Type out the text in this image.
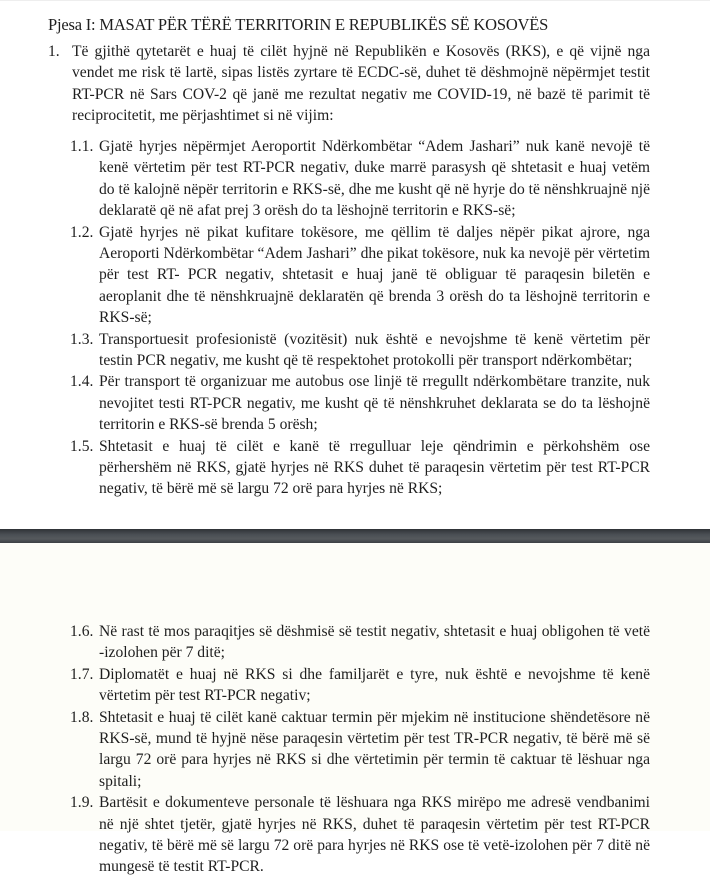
Pjesa I: MASAT PËR TËRË TERRITORIN E REPUBLIKËS SË KOSOVËS
1. Të gjithë qytetarët e huaj të cilët hyjnë në Republikën e Kosovës (RKS), e që vijnë nga vendet me risk të lartë, sipas listës zyrtare të ECDC-së, duhet të dëshmojnë nëpërmjet testit RT-PCR në Sars COV-2 që janë me rezultat negativ me COVID-19, në bazë të parimit të reciprocitetit, me përjashtimet si në vijim:
1.1. Gjatë hyrjes nëpërmjet Aeroportit Ndërkombëtar “Adem Jashari” nuk kanë nevojë të kenë vërtetim për test RT-PCR negativ, duke marrë parasysh që shtetasit e huaj vetëm do të kalojnë nëpër territorin e RKS-së, dhe me kusht që në hyrje do të nënshkruajnë një deklaratë që në afat prej 3 orësh do ta lëshojnë territorin e RKS-së;
1.2. Gjatë hyrjes në pikat kufitare tokësore, me qëllim të daljes nëpër pikat ajrore, nga Aeroporti Ndërkombëtar “Adem Jashari” dhe pikat tokësore, nuk ka nevojë për vërtetim për test RT- PCR negativ, shtetasit e huaj janë të obliguar të paraqesin biletën e aeroplanit dhe të nënshkruajnë deklaratën që brenda 3 orësh do ta lëshojnë territorin e RKS-së;
1.3. Transportuesit profesionistë (vozitësit) nuk është e nevojshme të kenë vërtetim për testin PCR negativ, me kusht që të respektohet protokolli për transport ndërkombëtar;
1.4. Për transport të organizuar me autobus ose linjë të rregullt ndërkombëtare tranzite, nuk nevojitet testi RT-PCR negativ, me kusht që të nënshkruhet deklarata se do ta lëshojnë territorin e RKS-së brenda 5 orësh;
1.5. Shtetasit e huaj të cilët e kanë të rregulluar leje qëndrimin e përkohshëm ose përhershëm në RKS, gjatë hyrjes në RKS duhet të paraqesin vërtetim për test RT-PCR negativ, të bërë më së largu 72 orë para hyrjes në RKS;
1.6. Në rast të mos paraqitjes së dëshmisë së testit negativ, shtetasit e huaj obligohen të vetë -izolohen për 7 ditë;
1.7. Diplomatët e huaj në RKS si dhe familjarët e tyre, nuk është e nevojshme të kenë vërtetim për test RT-PCR negativ;
1.8. Shtetasit e huaj të cilët kanë caktuar termin për mjekim në institucione shëndetësore në RKS-së, mund të hyjnë nëse paraqesin vërtetim për test TR-PCR negativ, të bërë më së largu 72 orë para hyrjes në RKS si dhe vërtetimin për termin të caktuar të lëshuar nga spitali;
1.9. Bartësit e dokumenteve personale të lëshuara nga RKS mirëpo me adresë vendbanimi në një shtet tjetër, gjatë hyrjes në RKS, duhet të paraqesin vërtetim për test RT-PCR negativ, të bërë më së largu 72 orë para hyrjes në RKS ose të vetë-izolohen për 7 ditë në mungesë të testit RT-PCR.
